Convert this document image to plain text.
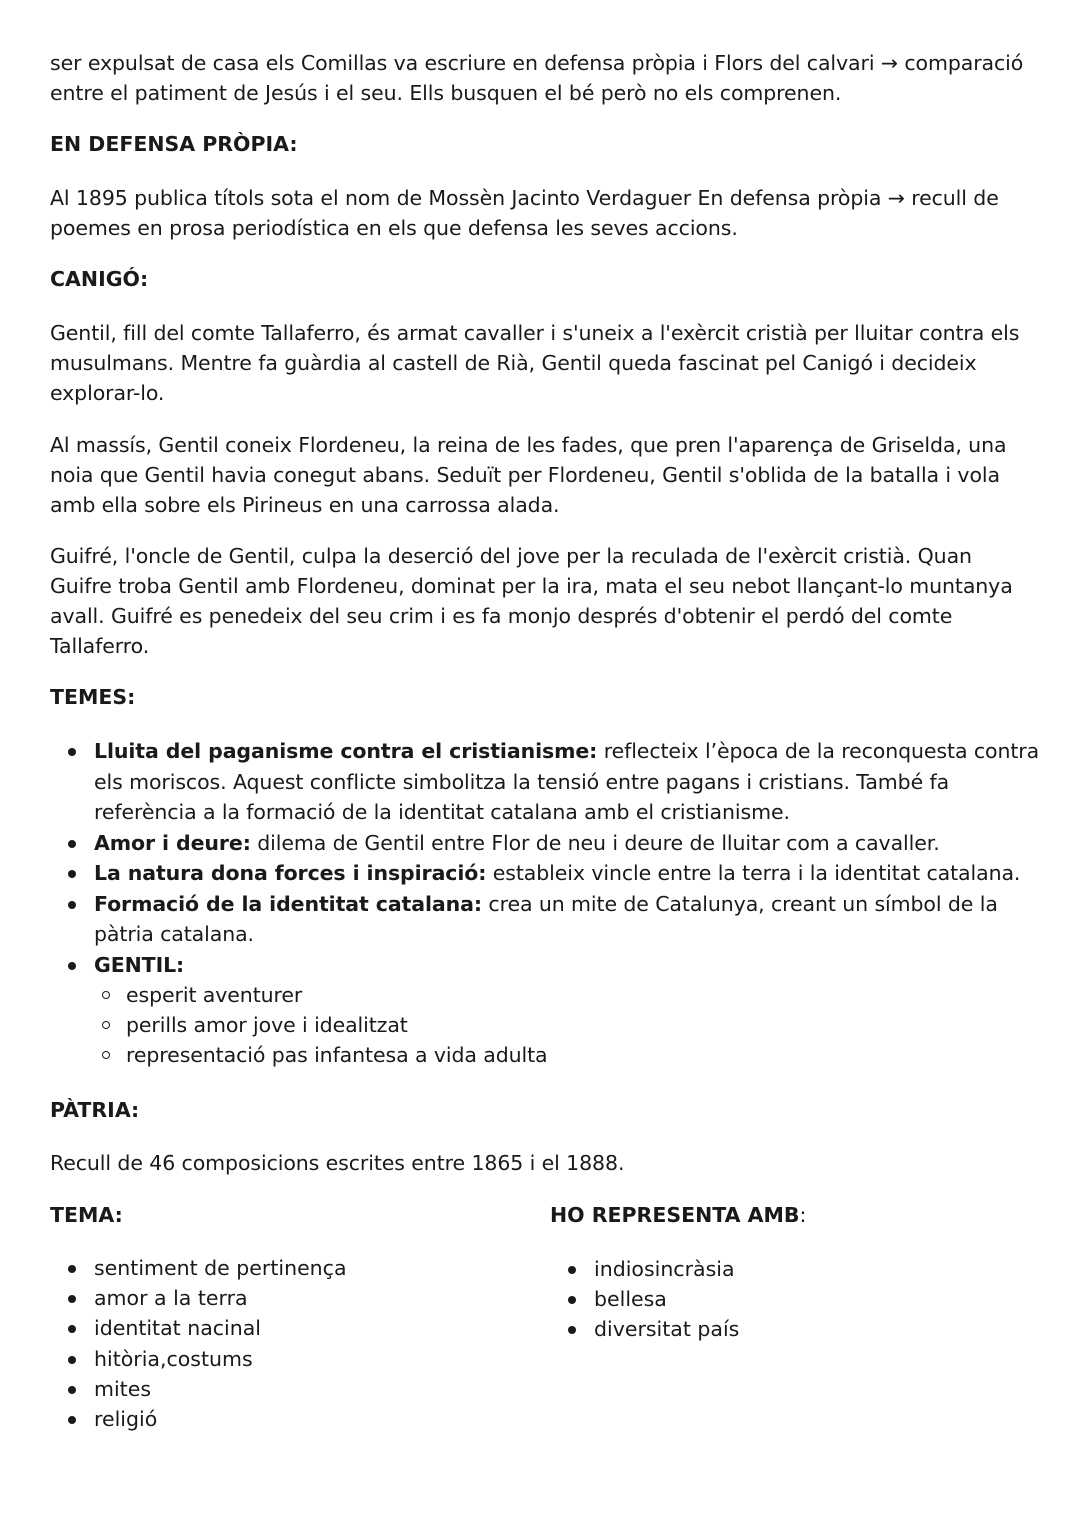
ser expulsat de casa els Comillas va escriure en defensa pròpia i Flors del calvari → comparació entre el patiment de Jesús i el seu. Ells busquen el bé però no els comprenen.

EN DEFENSA PRÒPIA:

Al 1895 publica títols sota el nom de Mossèn Jacinto Verdaguer En defensa pròpia → recull de poemes en prosa periodística en els que defensa les seves accions.

CANIGÓ:

Gentil, fill del comte Tallaferro, és armat cavaller i s'uneix a l'exèrcit cristià per lluitar contra els musulmans. Mentre fa guàrdia al castell de Rià, Gentil queda fascinat pel Canigó i decideix explorar-lo.

Al massís, Gentil coneix Flordeneu, la reina de les fades, que pren l'aparença de Griselda, una noia que Gentil havia conegut abans. Seduït per Flordeneu, Gentil s'oblida de la batalla i vola amb ella sobre els Pirineus en una carrossa alada.

Guifré, l'oncle de Gentil, culpa la deserció del jove per la reculada de l'exèrcit cristià. Quan Guifre troba Gentil amb Flordeneu, dominat per la ira, mata el seu nebot llançant-lo muntanya avall. Guifré es penedeix del seu crim i es fa monjo després d'obtenir el perdó del comte Tallaferro.

TEMES:
Lluita del paganisme contra el cristianisme: reflecteix l’època de la reconquesta contra els moriscos. Aquest conflicte simbolitza la tensió entre pagans i cristians. També fa referència a la formació de la identitat catalana amb el cristianisme.
Amor i deure: dilema de Gentil entre Flor de neu i deure de lluitar com a cavaller.
La natura dona forces i inspiració: estableix vincle entre la terra i la identitat catalana.
Formació de la identitat catalana: crea un mite de Catalunya, creant un símbol de la pàtria catalana.
GENTIL:
esperit aventurer
perills amor jove i idealitzat
representació pas infantesa a vida adulta
PÀTRIA:

Recull de 46 composicions escrites entre 1865 i el 1888.

TEMA:
sentiment de pertinença
amor a la terra
identitat nacinal
hitòria,costums
mites
religió
HO REPRESENTA AMB:
indiosincràsia
bellesa
diversitat país
